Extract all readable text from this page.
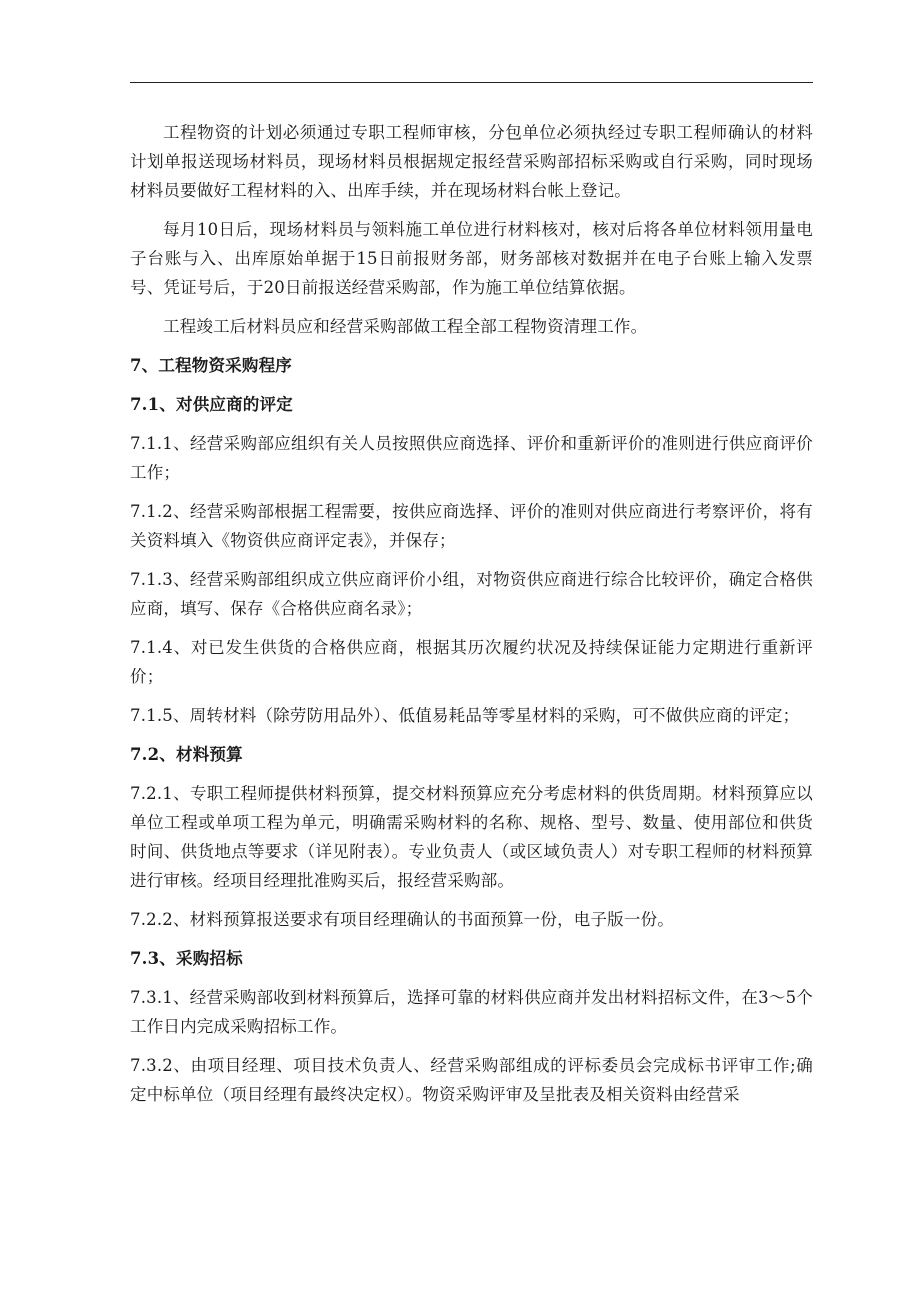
工程物资的计划必须通过专职工程师审核，分包单位必须执经过专职工程师确认的材料计划单报送现场材料员，现场材料员根据规定报经营采购部招标采购或自行采购，同时现场材料员要做好工程材料的入、出库手续，并在现场材料台帐上登记。

每月10日后，现场材料员与领料施工单位进行材料核对，核对后将各单位材料领用量电子台账与入、出库原始单据于15日前报财务部，财务部核对数据并在电子台账上输入发票号、凭证号后，于20日前报送经营采购部，作为施工单位结算依据。

工程竣工后材料员应和经营采购部做工程全部工程物资清理工作。

7、工程物资采购程序
7.1、对供应商的评定

7.1.1、经营采购部应组织有关人员按照供应商选择、评价和重新评价的准则进行供应商评价工作；

7.1.2、经营采购部根据工程需要，按供应商选择、评价的准则对供应商进行考察评价，将有关资料填入《物资供应商评定表》，并保存；

7.1.3、经营采购部组织成立供应商评价小组，对物资供应商进行综合比较评价，确定合格供应商，填写、保存《合格供应商名录》；

7.1.4、对已发生供货的合格供应商，根据其历次履约状况及持续保证能力定期进行重新评价；

7.1.5、周转材料（除劳防用品外）、低值易耗品等零星材料的采购，可不做供应商的评定；

7.2、材料预算

7.2.1、专职工程师提供材料预算，提交材料预算应充分考虑材料的供货周期。材料预算应以单位工程或单项工程为单元，明确需采购材料的名称、规格、型号、数量、使用部位和供货时间、供货地点等要求（详见附表）。专业负责人（或区域负责人）对专职工程师的材料预算进行审核。经项目经理批准购买后，报经营采购部。

7.2.2、材料预算报送要求有项目经理确认的书面预算一份，电子版一份。

7.3、采购招标

7.3.1、经营采购部收到材料预算后，选择可靠的材料供应商并发出材料招标文件，在3～5个工作日内完成采购招标工作。

7.3.2、由项目经理、项目技术负责人、经营采购部组成的评标委员会完成标书评审工作;确定中标单位（项目经理有最终决定权）。物资采购评审及呈批表及相关资料由经营采
